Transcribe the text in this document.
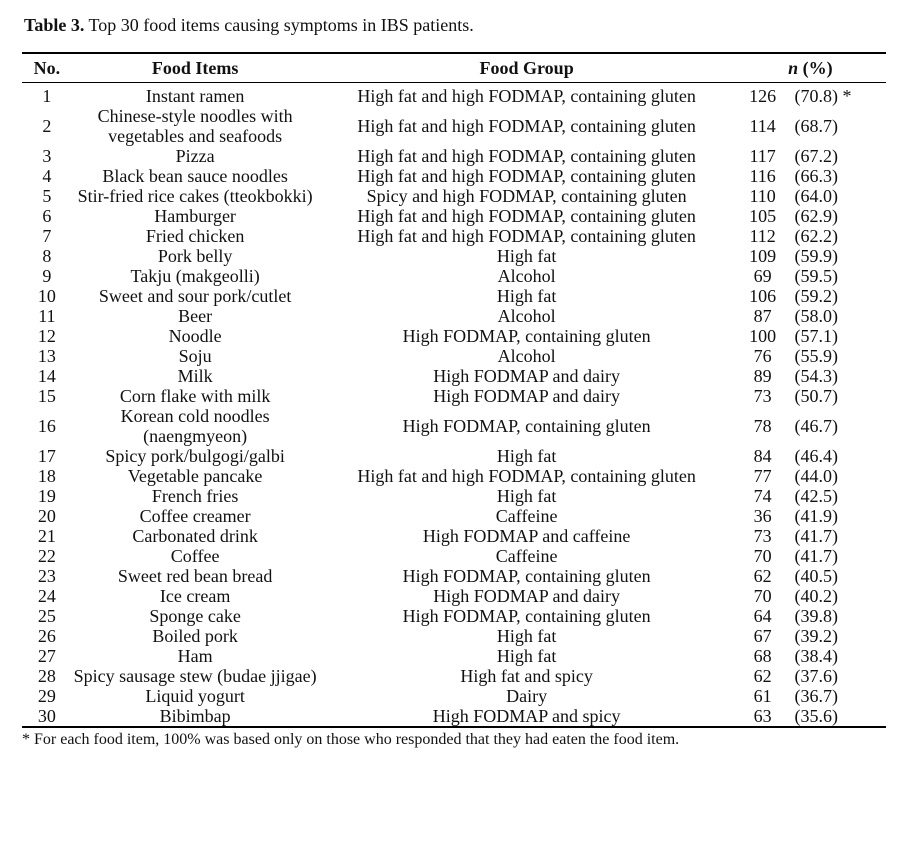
Table 3. Top 30 food items causing symptoms in IBS patients.
No.	Food Items	Food Group	n (%)	
1	Instant ramen	High fat and high FODMAP, containing gluten	126	(70.8) *
2	Chinese-style noodles with vegetables and seafoods	High fat and high FODMAP, containing gluten	114	(68.7)
3	Pizza	High fat and high FODMAP, containing gluten	117	(67.2)
4	Black bean sauce noodles	High fat and high FODMAP, containing gluten	116	(66.3)
5	Stir-fried rice cakes (tteokbokki)	Spicy and high FODMAP, containing gluten	110	(64.0)
6	Hamburger	High fat and high FODMAP, containing gluten	105	(62.9)
7	Fried chicken	High fat and high FODMAP, containing gluten	112	(62.2)
8	Pork belly	High fat	109	(59.9)
9	Takju (makgeolli)	Alcohol	69	(59.5)
10	Sweet and sour pork/cutlet	High fat	106	(59.2)
11	Beer	Alcohol	87	(58.0)
12	Noodle	High FODMAP, containing gluten	100	(57.1)
13	Soju	Alcohol	76	(55.9)
14	Milk	High FODMAP and dairy	89	(54.3)
15	Corn flake with milk	High FODMAP and dairy	73	(50.7)
16	Korean cold noodles (naengmyeon)	High FODMAP, containing gluten	78	(46.7)
17	Spicy pork/bulgogi/galbi	High fat	84	(46.4)
18	Vegetable pancake	High fat and high FODMAP, containing gluten	77	(44.0)
19	French fries	High fat	74	(42.5)
20	Coffee creamer	Caffeine	36	(41.9)
21	Carbonated drink	High FODMAP and caffeine	73	(41.7)
22	Coffee	Caffeine	70	(41.7)
23	Sweet red bean bread	High FODMAP, containing gluten	62	(40.5)
24	Ice cream	High FODMAP and dairy	70	(40.2)
25	Sponge cake	High FODMAP, containing gluten	64	(39.8)
26	Boiled pork	High fat	67	(39.2)
27	Ham	High fat	68	(38.4)
28	Spicy sausage stew (budae jjigae)	High fat and spicy	62	(37.6)
29	Liquid yogurt	Dairy	61	(36.7)
30	Bibimbap	High FODMAP and spicy	63	(35.6)
* For each food item, 100% was based only on those who responded that they had eaten the food item.
